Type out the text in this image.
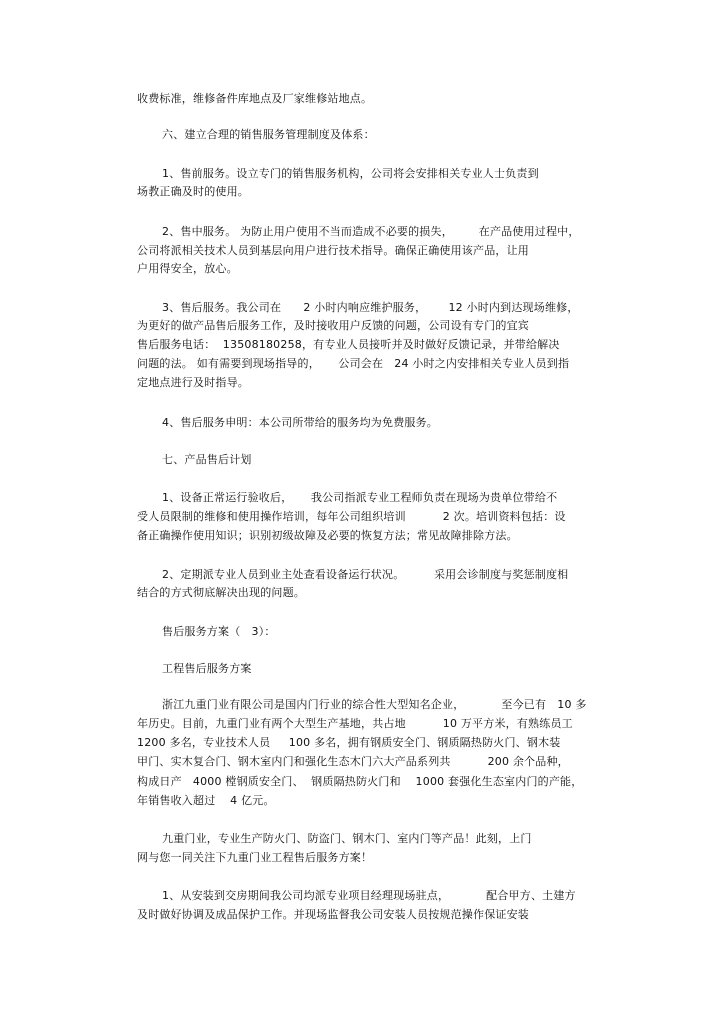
收费标准，维修备件库地点及厂家维修站地点。

六、建立合理的销售服务管理制度及体系：

1、售前服务。设立专门的销售服务机构，公司将会安排相关专业人士负责到

场教正确及时的使用。

2、售中服务。 为防止用户使用不当而造成不必要的损失，       在产品使用过程中，

公司将派相关技术人员到基层向用户进行技术指导。确保正确使用该产品，让用

户用得安全，放心。

3、售后服务。我公司在      2 小时内响应维护服务，      12 小时内到达现场维修，

为更好的做产品售后服务工作，及时接收用户反馈的问题，公司设有专门的宜宾

售后服务电话：  13508180258，有专业人员接听并及时做好反馈记录，并带给解决

问题的法。 如有需要到现场指导的，     公司会在   24 小时之内安排相关专业人员到指

定地点进行及时指导。

4、售后服务申明：本公司所带给的服务均为免费服务。

七、产品售后计划

1、设备正常运行验收后，     我公司指派专业工程师负责在现场为贵单位带给不

受人员限制的维修和使用操作培训，每年公司组织培训          2 次。培训资料包括：设

备正确操作使用知识；识别初级故障及必要的恢复方法；常见故障排除方法。

2、定期派专业人员到业主处查看设备运行状况。        采用会诊制度与奖惩制度相

结合的方式彻底解决出现的问题。

售后服务方案（   3）：

工程售后服务方案

浙江九重门业有限公司是国内门行业的综合性大型知名企业，          至今已有   10 多

年历史。目前，九重门业有两个大型生产基地，共占地          10 万平方米，有熟练员工

1200 多名，专业技术人员     100 多名，拥有钢质安全门、钢质隔热防火门、钢木装

甲门、实木复合门、钢木室内门和强化生态木门六大产品系列共          200 余个品种，

构成日产   4000 樘钢质安全门、  钢质隔热防火门和    1000 套强化生态室内门的产能，

年销售收入超过    4 亿元。

九重门业，专业生产防火门、防盗门、钢木门、室内门等产品！此刻，上门

网与您一同关注下九重门业工程售后服务方案！

1、从安装到交房期间我公司均派专业项目经理现场驻点，          配合甲方、土建方

及时做好协调及成品保护工作。并现场监督我公司安装人员按规范操作保证安装
